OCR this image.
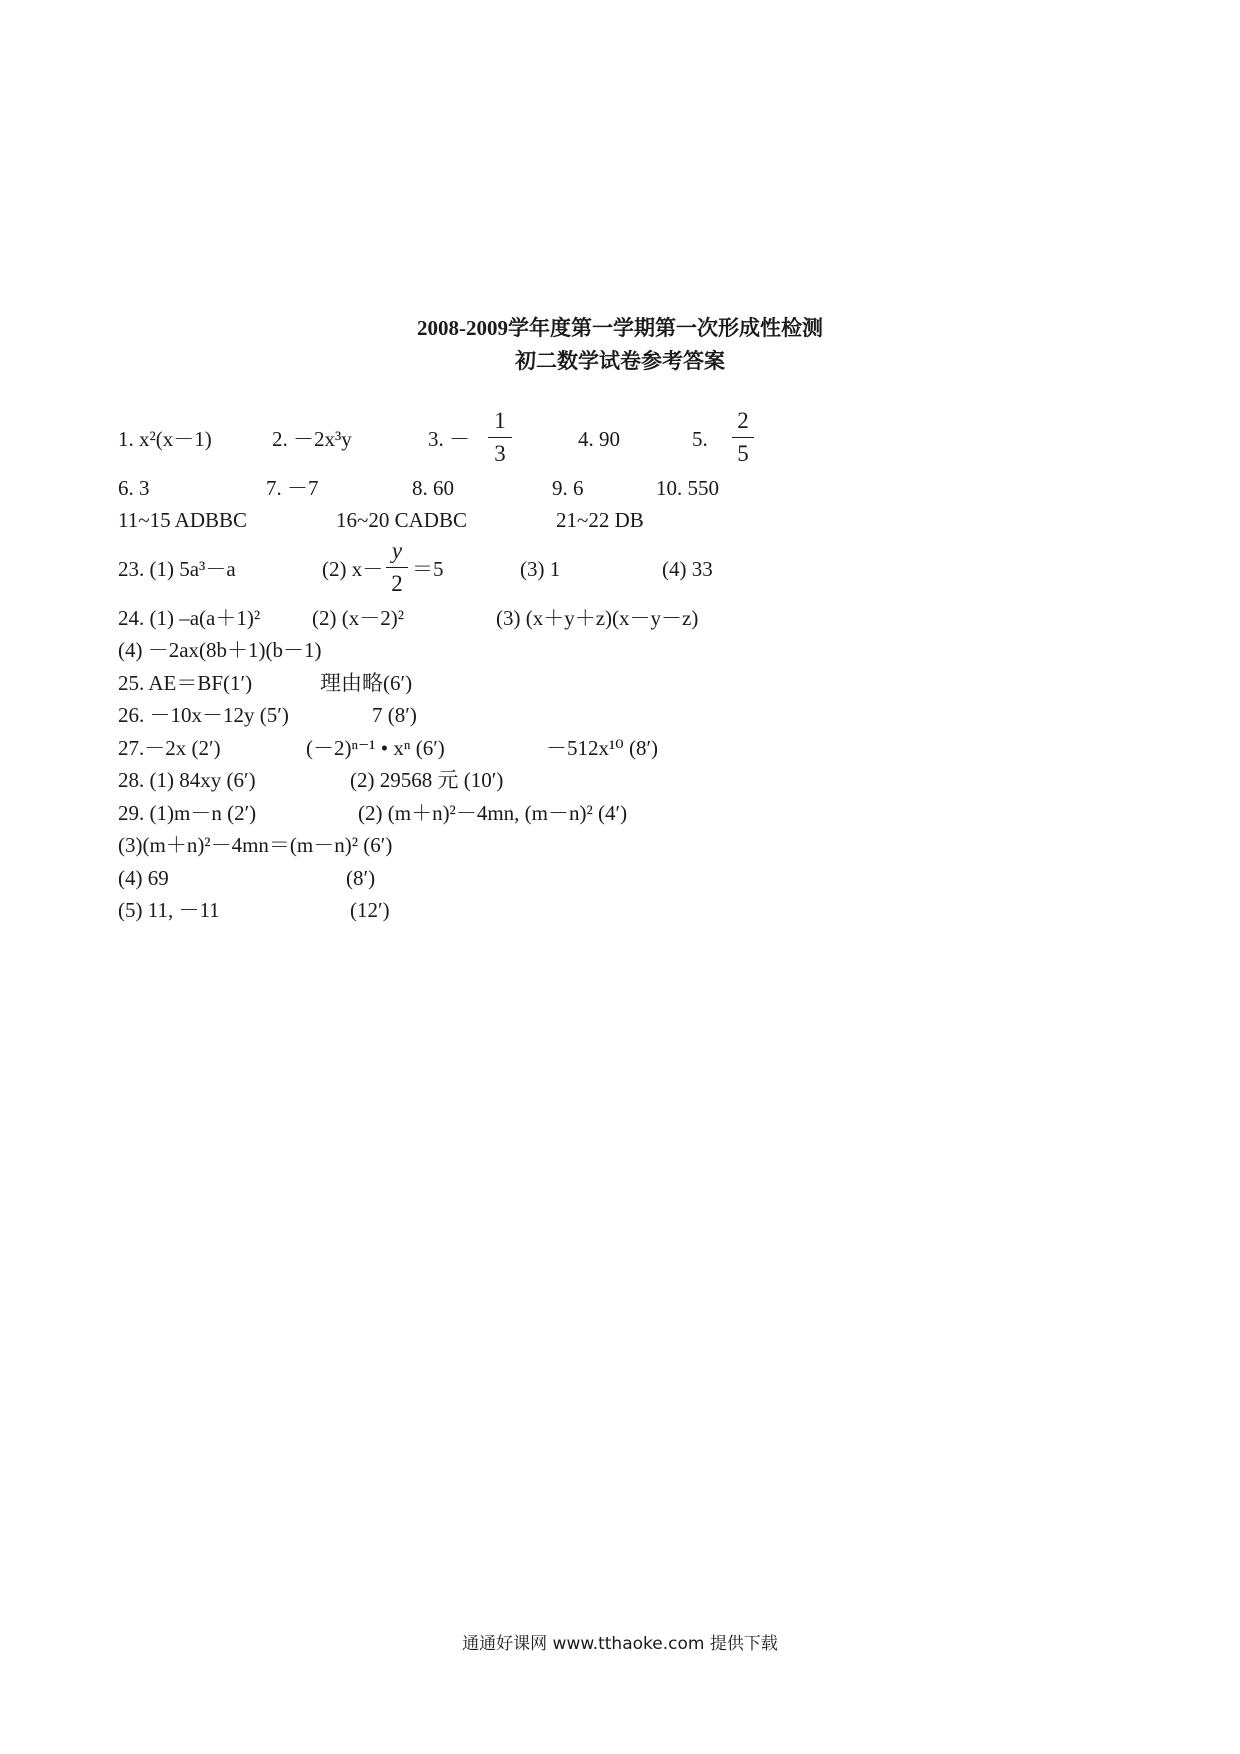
2008-2009学年度第一学期第一次形成性检测
初二数学试卷参考答案
1. x²(x－1)	2. －2x³y	3. －
1
3
4. 90	5.
2
5
6. 3	7. －7	8. 60	9. 6	10. 550
11~15 ADBBC	16~20 CADBC	21~22 DB
23. (1) 5a³－a	(2) x－
y
2
＝5	(3) 1	(4) 33
24. (1) –a(a＋1)² (2) (x－2)²	(3) (x＋y＋z)(x－y－z)
(4) －2ax(8b＋1)(b－1)
25. AE＝BF(1′)	理由略(6′)
26. －10x－12y (5′)	7 (8′)
27.－2x (2′)	(－2)ⁿ⁻¹ • xⁿ (6′)	－512x¹⁰ (8′)
28. (1) 84xy (6′)	(2) 29568 元 (10′)
29. (1)m－n (2′)	(2) (m＋n)²－4mn, (m－n)² (4′)
(3)(m＋n)²－4mn＝(m－n)² (6′)
(4) 69	(8′)
(5) 11, －11	(12′)
通通好课网 www.tthaoke.com 提供下载
